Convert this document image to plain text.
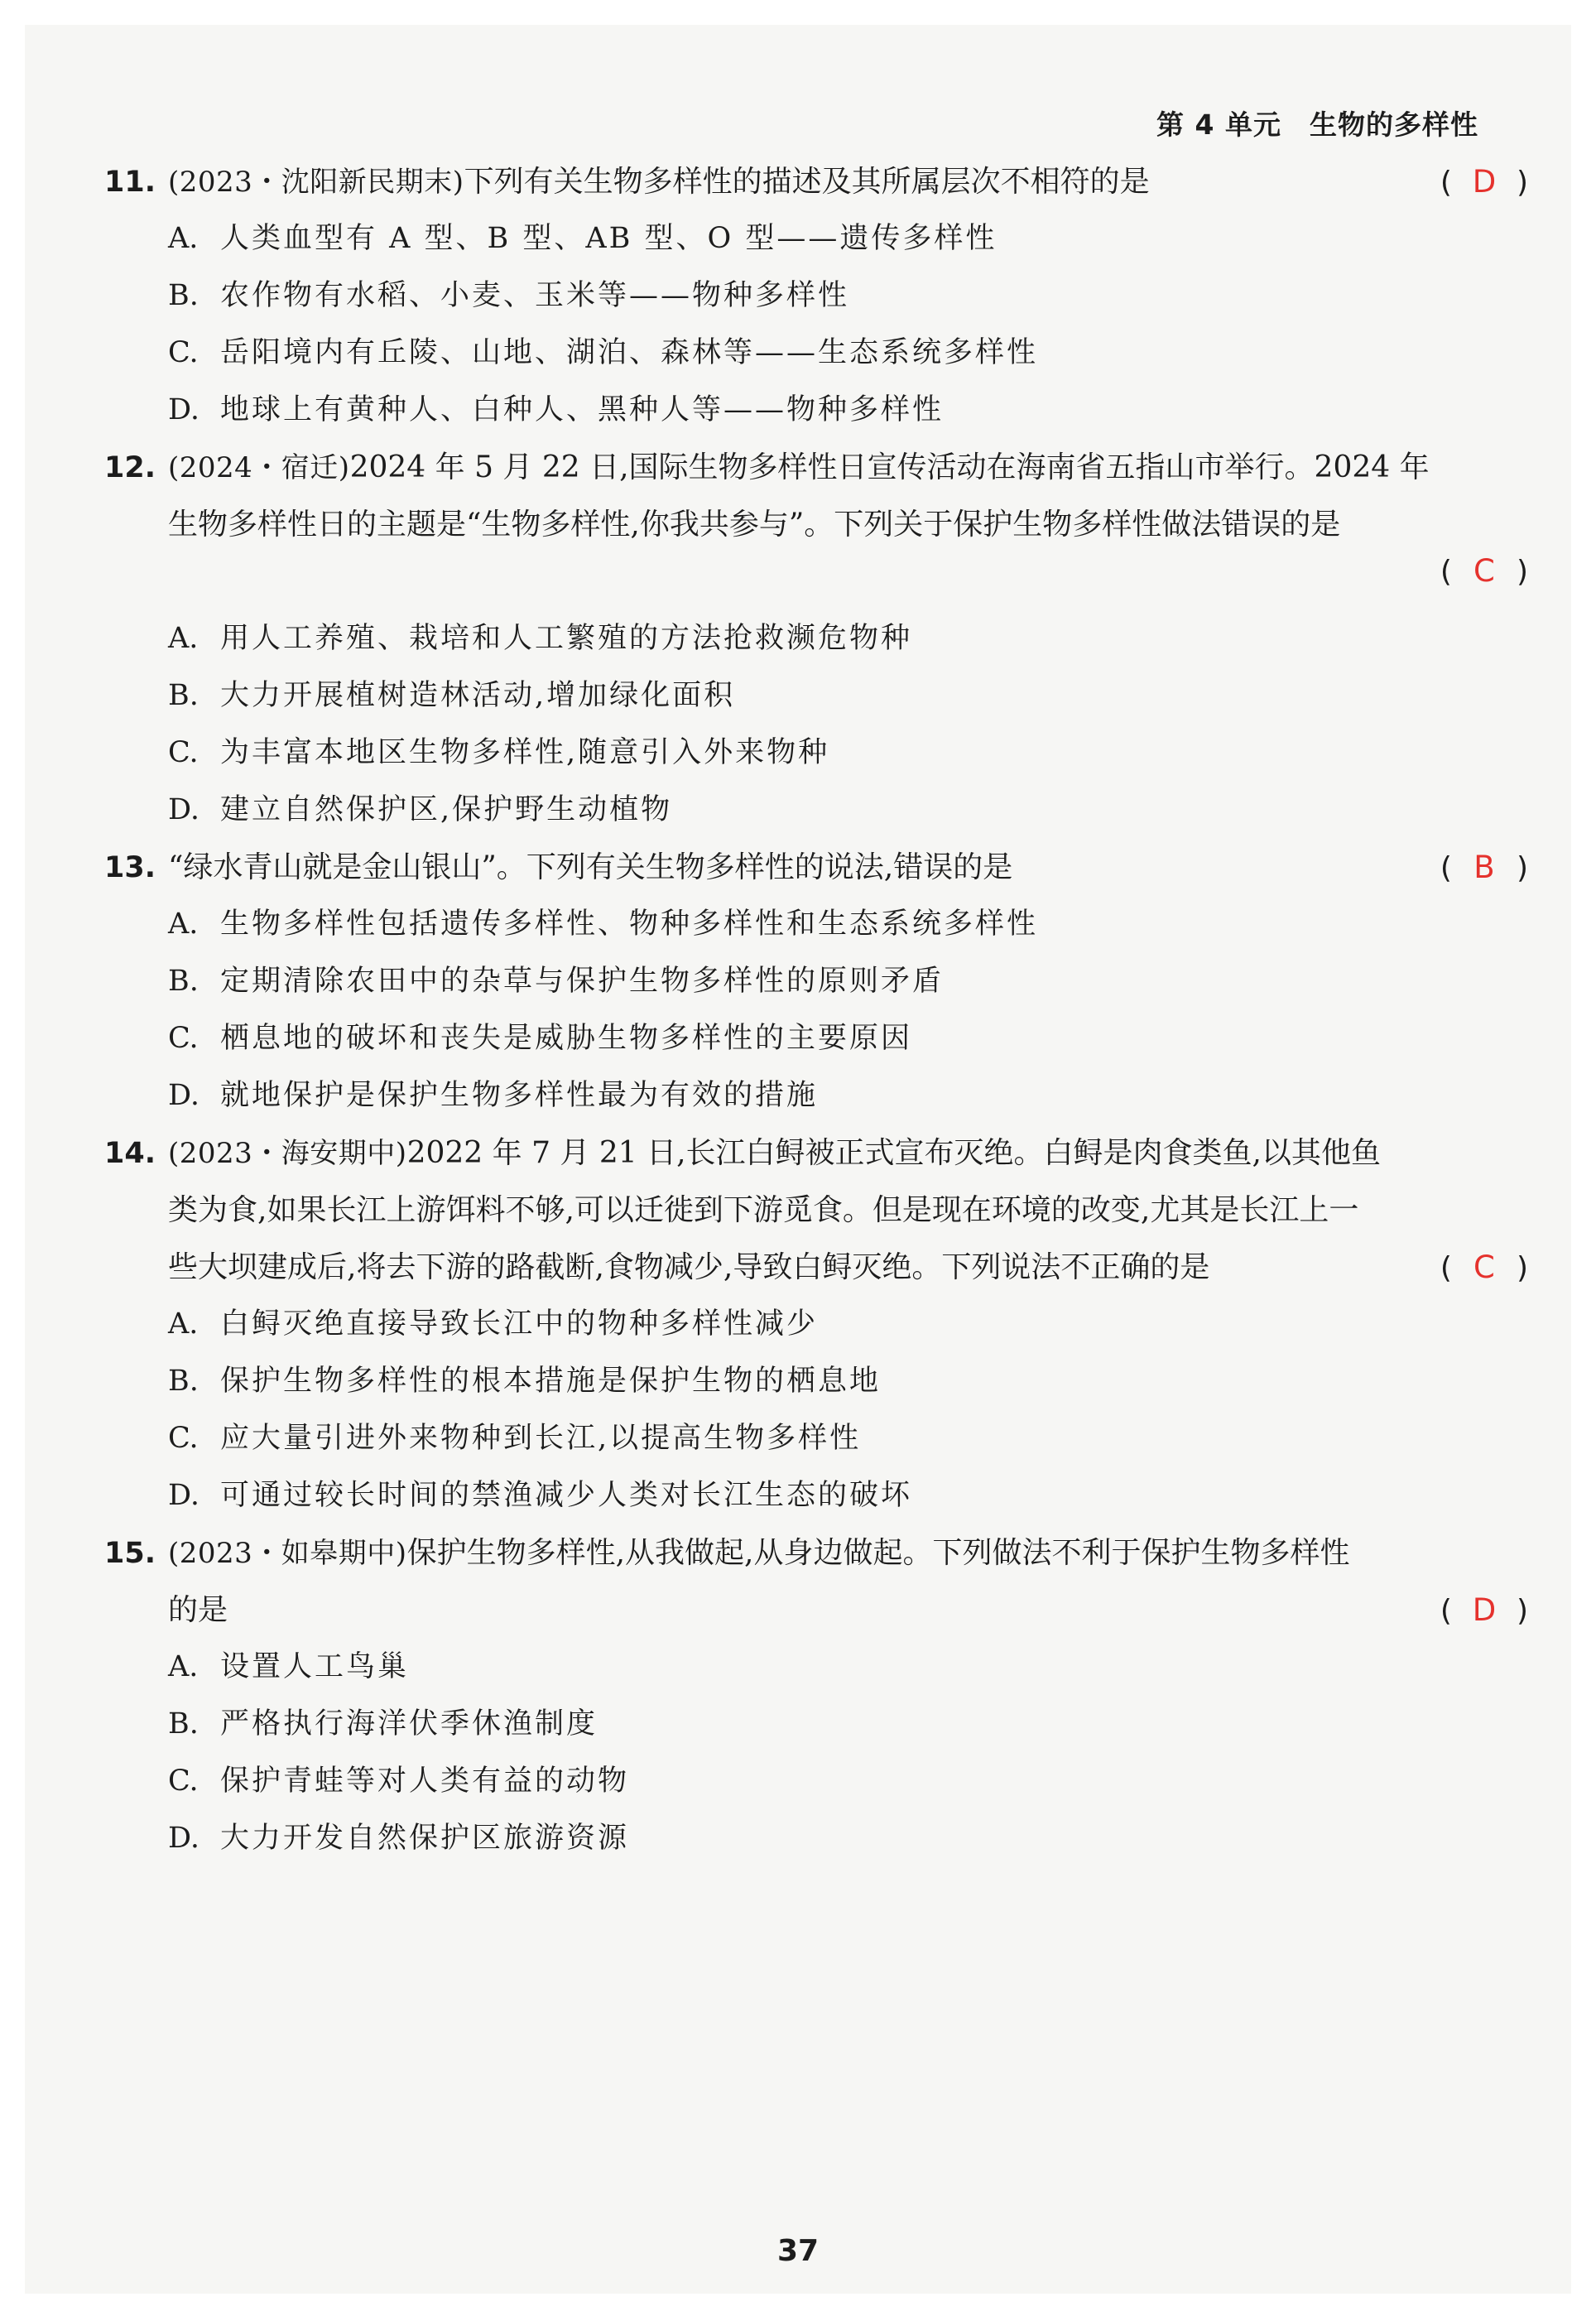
第 4 单元 生物的多样性
11. (2023・沈阳新民期末)下列有关生物多样性的描述及其所属层次不相符的是	( D )
A. 人类血型有 A 型、B 型、AB 型、O 型——遗传多样性
B. 农作物有水稻、小麦、玉米等——物种多样性
C. 岳阳境内有丘陵、山地、湖泊、森林等——生态系统多样性
D. 地球上有黄种人、白种人、黑种人等——物种多样性
12. (2024・宿迁)2024 年 5 月 22 日,国际生物多样性日宣传活动在海南省五指山市举行。2024 年
生物多样性日的主题是“生物多样性,你我共参与”。下列关于保护生物多样性做法错误的是
( C )
A. 用人工养殖、栽培和人工繁殖的方法抢救濒危物种
B. 大力开展植树造林活动,增加绿化面积
C. 为丰富本地区生物多样性,随意引入外来物种
D. 建立自然保护区,保护野生动植物
13. “绿水青山就是金山银山”。下列有关生物多样性的说法,错误的是	( B )
A. 生物多样性包括遗传多样性、物种多样性和生态系统多样性
B. 定期清除农田中的杂草与保护生物多样性的原则矛盾
C. 栖息地的破坏和丧失是威胁生物多样性的主要原因
D. 就地保护是保护生物多样性最为有效的措施
14. (2023・海安期中)2022 年 7 月 21 日,长江白鲟被正式宣布灭绝。白鲟是肉食类鱼,以其他鱼
类为食,如果长江上游饵料不够,可以迁徙到下游觅食。但是现在环境的改变,尤其是长江上一
些大坝建成后,将去下游的路截断,食物减少,导致白鲟灭绝。下列说法不正确的是	( C )
A. 白鲟灭绝直接导致长江中的物种多样性减少
B. 保护生物多样性的根本措施是保护生物的栖息地
C. 应大量引进外来物种到长江,以提高生物多样性
D. 可通过较长时间的禁渔减少人类对长江生态的破坏
15. (2023・如皋期中)保护生物多样性,从我做起,从身边做起。下列做法不利于保护生物多样性
的是	( D )
A. 设置人工鸟巢
B. 严格执行海洋伏季休渔制度
C. 保护青蛙等对人类有益的动物
D. 大力开发自然保护区旅游资源
37
